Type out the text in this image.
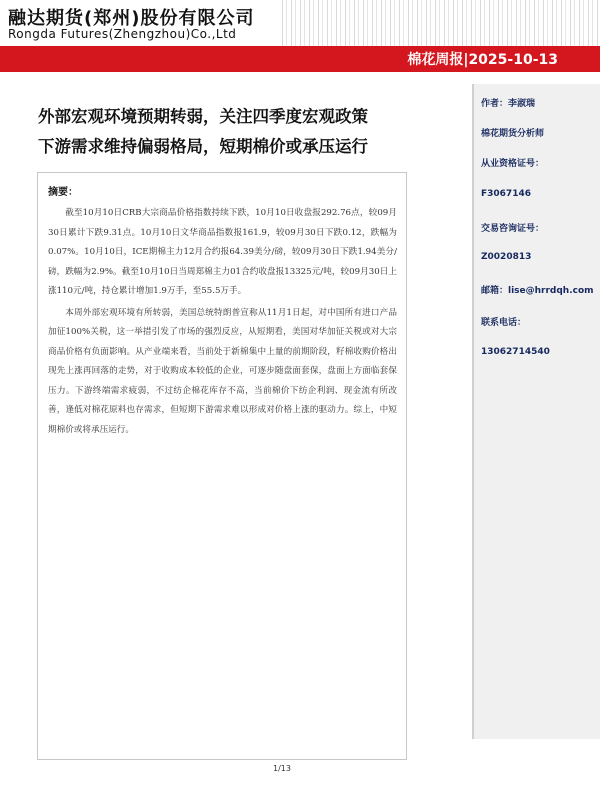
融达期货(郑州)股份有限公司
Rongda Futures(Zhengzhou)Co.,Ltd
棉花周报|2025-10-13
外部宏观环境预期转弱，关注四季度宏观政策
下游需求维持偏弱格局，短期棉价或承压运行
摘要：

截至10月10日CRB大宗商品价格指数持续下跌，10月10日收盘报292.76点，较09月30日累计下跌9.31点。10月10日文华商品指数报161.9，较09月30日下跌0.12，跌幅为0.07%。10月10日，ICE期棉主力12月合约报64.39美分/磅，较09月30日下跌1.94美分/磅，跌幅为2.9%。截至10月10日当周郑棉主力01合约收盘报13325元/吨，较09月30日上涨110元/吨，持仓累计增加1.9万手，至55.5万手。

本周外部宏观环境有所转弱，美国总统特朗普宣称从11月1日起，对中国所有进口产品加征100%关税，这一举措引发了市场的强烈反应，从短期看，美国对华加征关税或对大宗商品价格有负面影响。从产业端来看，当前处于新棉集中上量的前期阶段，籽棉收购价格出现先上涨再回落的走势，对于收购成本较低的企业，可逐步随盘面套保，盘面上方面临套保压力。下游终端需求疲弱，不过纺企棉花库存不高，当前棉价下纺企利润、现金流有所改善，逢低对棉花原料也存需求，但短期下游需求难以形成对价格上涨的驱动力。综上，中短期棉价或将承压运行。

作者：李淑瑞
棉花期货分析师
从业资格证号：
F3067146
交易咨询证号：
Z0020813
邮箱：lise@hrrdqh.com
联系电话：
13062714540
1/13
